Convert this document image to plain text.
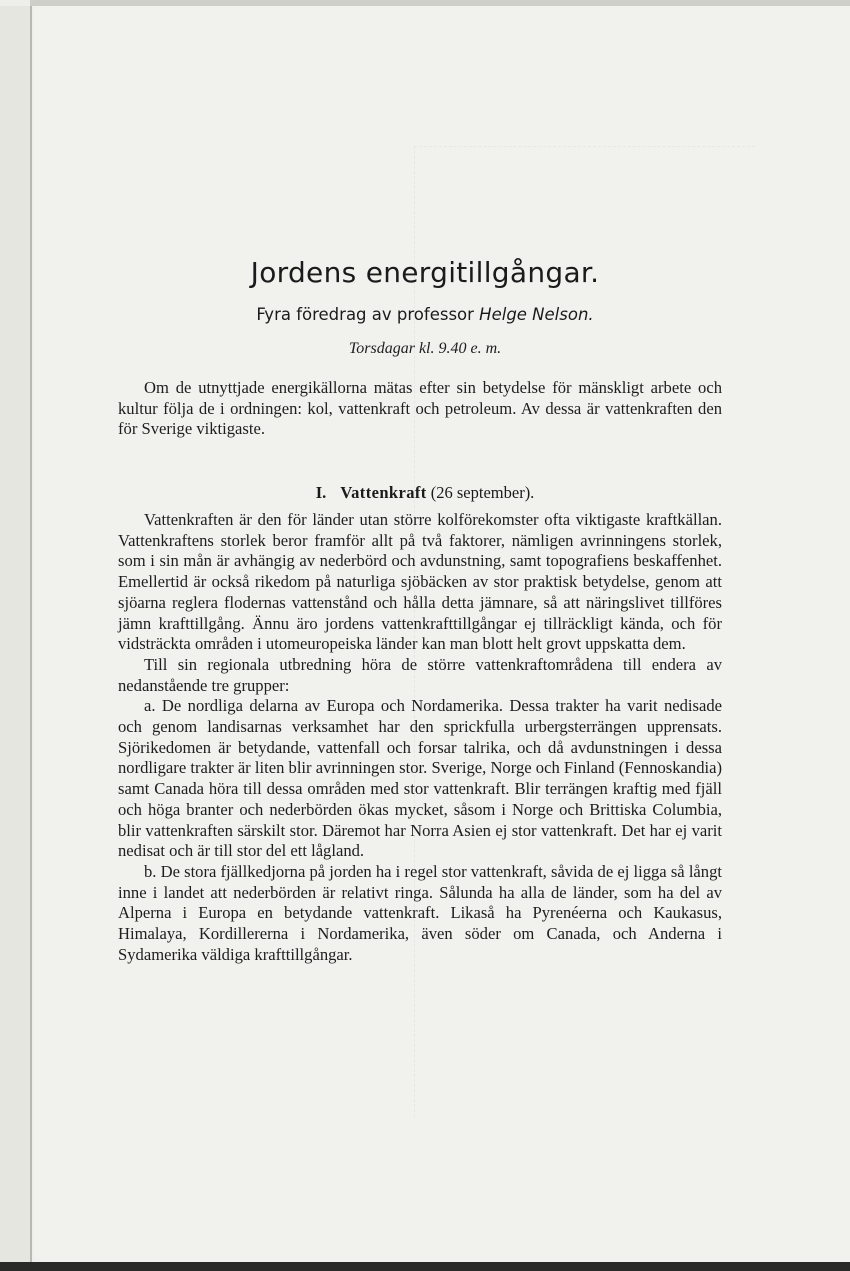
Jordens energitillgångar.
Fyra föredrag av professor Helge Nelson.
Torsdagar kl. 9.40 e. m.

Om de utnyttjade energikällorna mätas efter sin betydelse för mänskligt arbete och kultur följa de i ordningen: kol, vattenkraft och petroleum. Av dessa är vattenkraften den för Sverige viktigaste.

I. Vattenkraft (26 september).

Vattenkraften är den för länder utan större kolförekomster ofta viktigaste kraftkällan. Vattenkraftens storlek beror framför allt på två faktorer, nämligen avrinningens storlek, som i sin mån är avhängig av nederbörd och avdunstning, samt topografiens beskaffenhet. Emellertid är också rikedom på naturliga sjöbäcken av stor praktisk betydelse, genom att sjöarna reglera flodernas vattenstånd och hålla detta jämnare, så att näringslivet tillföres jämn krafttillgång. Ännu äro jordens vattenkrafttillgångar ej tillräckligt kända, och för vidsträckta områden i utomeuropeiska länder kan man blott helt grovt uppskatta dem.

Till sin regionala utbredning höra de större vattenkraftområdena till endera av nedanstående tre grupper:

a. De nordliga delarna av Europa och Nordamerika. Dessa trakter ha varit nedisade och genom landisarnas verksamhet har den sprickfulla urbergsterrängen upprensats. Sjörikedomen är betydande, vattenfall och forsar talrika, och då avdunstningen i dessa nordligare trakter är liten blir avrinningen stor. Sverige, Norge och Finland (Fennoskandia) samt Canada höra till dessa områden med stor vattenkraft. Blir terrängen kraftig med fjäll och höga branter och nederbörden ökas mycket, såsom i Norge och Brittiska Columbia, blir vattenkraften särskilt stor. Däremot har Norra Asien ej stor vattenkraft. Det har ej varit nedisat och är till stor del ett lågland.

b. De stora fjällkedjorna på jorden ha i regel stor vattenkraft, såvida de ej ligga så långt inne i landet att nederbörden är relativt ringa. Sålunda ha alla de länder, som ha del av Alperna i Europa en betydande vattenkraft. Likaså ha Pyrenéerna och Kaukasus, Himalaya, Kordillererna i Nordamerika, även söder om Canada, och Anderna i Sydamerika väldiga krafttillgångar.
